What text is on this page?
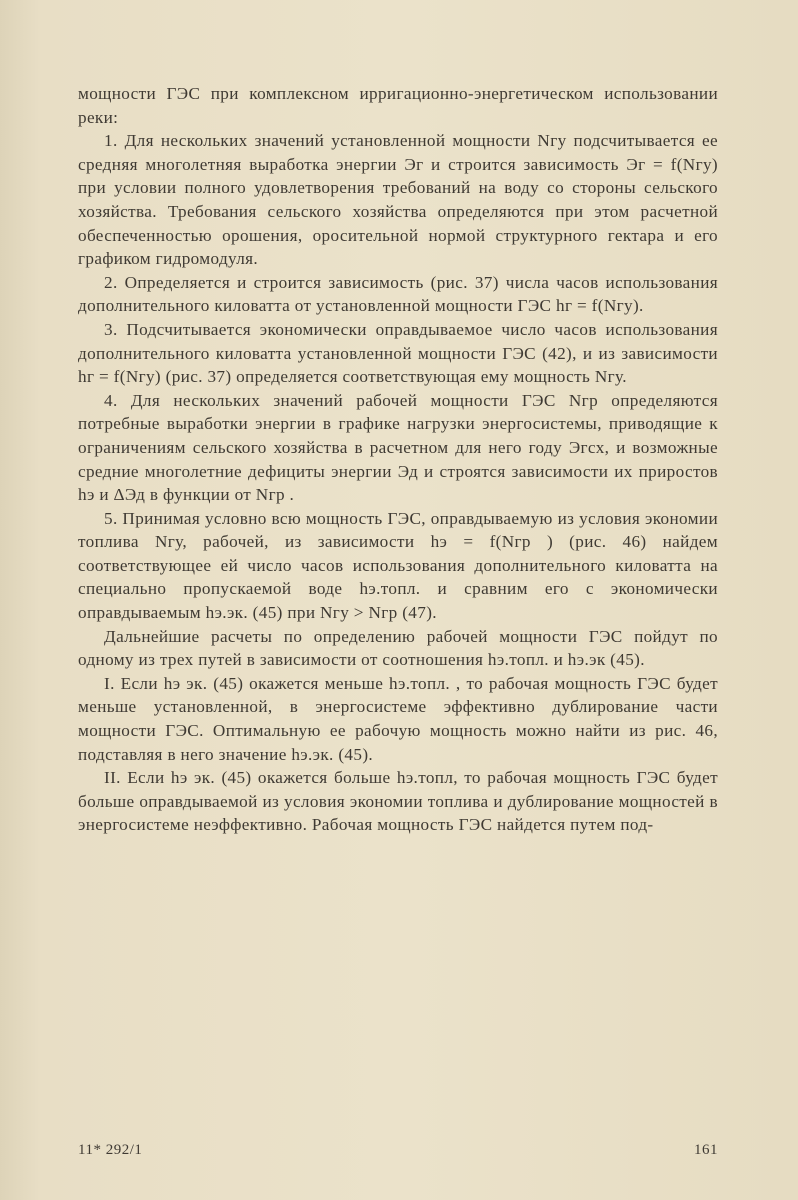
мощности ГЭС при комплексном ирригационно-энергетическом использовании реки:

1. Для нескольких значений установленной мощности Nᴦу подсчитывается ее средняя многолетняя выработка энергии Эᴦ и строится зависимость Эᴦ = f(Nᴦу) при условии полного удовлетворения требований на воду со стороны сельского хозяйства. Требования сельского хозяйства определяются при этом расчетной обеспеченностью орошения, оросительной нормой структурного гектара и его графиком гидромодуля.

2. Определяется и строится зависимость (рис. 37) числа часов использования дополнительного киловатта от установленной мощности ГЭС hᴦ = f(Nᴦу).

3. Подсчитывается экономически оправдываемое число часов использования дополнительного киловатта установленной мощности ГЭС (42), и из зависимости hᴦ = f(Nᴦу) (рис. 37) определяется соответствующая ему мощность Nᴦу.

4. Для нескольких значений рабочей мощности ГЭС Nᴦр определяются потребные выработки энергии в графике нагрузки энергосистемы, приводящие к ограничениям сельского хозяйства в расчетном для него году Эᴦсх, и возможные средние многолетние дефициты энергии Эд и строятся зависимости их приростов hэ и ΔЭд в функции от Nᴦр .

5. Принимая условно всю мощность ГЭС, оправдываемую из условия экономии топлива Nᴦу, рабочей, из зависимости hэ = f(Nᴦр ) (рис. 46) найдем соответствующее ей число часов использования дополнительного киловатта на специально пропускаемой воде hэ.топл. и сравним его с экономически оправдываемым hэ.эк. (45) при Nᴦу > Nᴦр (47).

Дальнейшие расчеты по определению рабочей мощности ГЭС пойдут по одному из трех путей в зависимости от соотношения hэ.топл. и hэ.эк (45).

I. Если hэ эк. (45) окажется меньше hэ.топл. , то рабочая мощность ГЭС будет меньше установленной, в энергосистеме эффективно дублирование части мощности ГЭС. Оптимальную ее рабочую мощность можно найти из рис. 46, подставляя в него значение hэ.эк. (45).

II. Если hэ эк. (45) окажется больше hэ.топл, то рабочая мощность ГЭС будет больше оправдываемой из условия экономии топлива и дублирование мощностей в энергосистеме неэффективно. Рабочая мощность ГЭС найдется путем под-

11* 292/1	161
